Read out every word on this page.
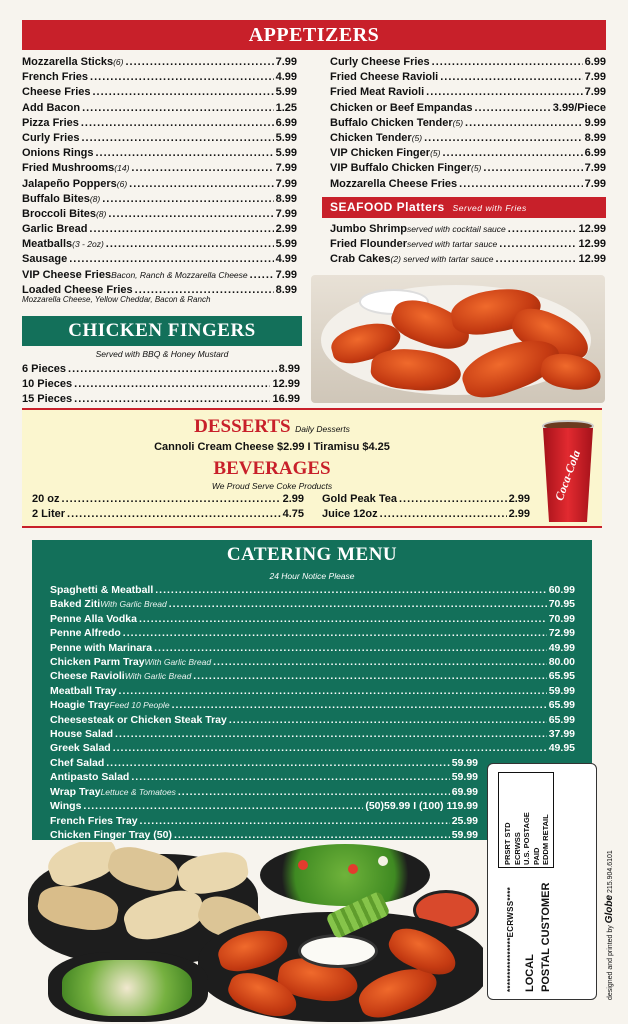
APPETIZERS
Mozzarella Sticks(6) .....	7.99
French Fries .....	4.99
Cheese Fries .....	5.99
Add Bacon .....	1.25
Pizza Fries .....	6.99
Curly Fries .....	5.99
Onions Rings .....	5.99
Fried Mushrooms(14) .....	7.99
Jalapeño Poppers(6) .....	7.99
Buffalo Bites(8) .....	8.99
Broccoli Bites(8) .....	7.99
Garlic Bread .....	2.99
Meatballs(3 - 2oz) .....	5.99
Sausage .....	4.99
VIP Cheese FriesBacon, Ranch & Mozzarella Cheese .....	7.99
Loaded Cheese Fries .....	8.99
Mozzarella Cheese, Yellow Cheddar, Bacon & Ranch
Curly Cheese Fries .....	6.99
Fried Cheese Ravioli .....	7.99
Fried Meat Ravioli .....	7.99
Chicken or Beef Empandas .....	3.99/Piece
Buffalo Chicken Tender(5) .....	9.99
Chicken Tender(5) .....	8.99
VIP Chicken Finger(5) .....	6.99
VIP Buffalo Chicken Finger(5) .....	7.99
Mozzarella Cheese Fries .....	7.99
SEAFOOD Platters Served with Fries
Jumbo Shrimpserved with cocktail sauce .....	12.99
Fried Flounderserved with tartar sauce .....	12.99
Crab Cakes(2) served with tartar sauce .....	12.99
CHICKEN FINGERS
Served with BBQ & Honey Mustard
6 Pieces .....	8.99
10 Pieces .....	12.99
15 Pieces .....	16.99
DESSERTS Daily Desserts
Cannoli Cream Cheese $2.99 I Tiramisu $4.25
BEVERAGES
We Proud Serve Coke Products
20 oz .....	2.99
2 Liter .....	4.75
Gold Peak Tea .....	2.99
Juice 12oz .....	2.99
Coca-Cola
CATERING MENU
24 Hour Notice Please
Spaghetti & Meatball .....	60.99
Baked ZitiWith Garlic Bread .....	70.95
Penne Alla Vodka .....	70.99
Penne Alfredo .....	72.99
Penne with Marinara .....	49.99
Chicken Parm TrayWith Garlic Bread .....	80.00
Cheese RavioliWith Garlic Bread .....	65.95
Meatball Tray .....	59.99
Hoagie TrayFeed 10 People .....	65.99
Cheesesteak or Chicken Steak Tray .....	65.99
House Salad .....	37.99
Greek Salad .....	49.95
Chef Salad .....	59.99
Antipasto Salad .....	59.99
Wrap TrayLettuce & Tomatoes .....	69.99
Wings .....	(50)59.99 I (100) 119.99
French Fries Tray .....	25.99
Chicken Finger Tray (50) .....	59.99	PRSRT STD ECRWSS U.S. POSTAGE PAID EDDM RETAIL
****************ECRWSS**** LOCAL POSTAL CUSTOMER	designed and printed by Globe 215.904.6101
